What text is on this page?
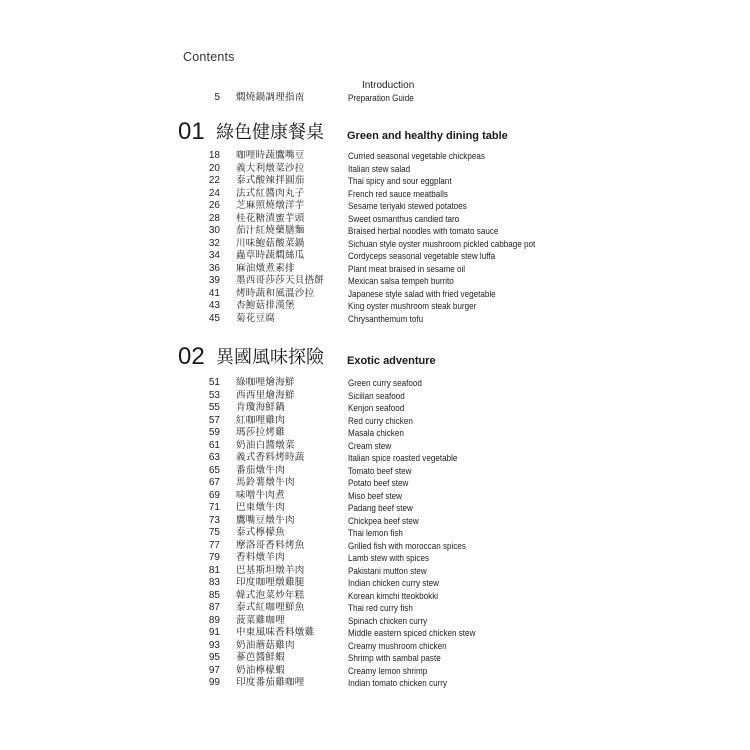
Contents
Introduction
5 燜燒鍋調理指南	Preparation Guide
01 綠色健康餐桌 Green and healthy dining table
18 咖哩時蔬鷹嘴豆	Curried seasonal vegetable chickpeas
20 義大利燉菜沙拉	Italian stew salad
22 泰式酸辣拌圓茄	Thai spicy and sour eggplant
24 法式紅醬肉丸子	French red sauce meatballs
26 芝麻照燒燉洋芋	Sesame teriyaki stewed potatoes
28 桂花糖漬蜜芋頭	Sweet osmanthus candied taro
30 茄汁紅燒藥膳麵	Braised herbal noodles with tomato sauce
32 川味鮑菇酸菜鍋	Sichuan style oyster mushroom pickled cabbage pot
34 蟲草時蔬燜絲瓜	Cordyceps seasonal vegetable stew luffa
36 麻油燉煮素排	Plant meat braised in sesame oil
39 墨西哥莎莎天貝搭餅	Mexican salsa tempeh burrito
41 烤時蔬和風溫沙拉	Japanese style salad with fried vegetable
43 杏鮑菇排漢堡	King oyster mushroom steak burger
45 菊花豆腐	Chrysanthemum tofu
02 異國風味探險 Exotic adventure
51 綠咖哩燴海鮮	Green curry seafood
53 西西里燴海鮮	Sicilian seafood
55 肯瓊海鮮鍋	Kenjon seafood
57 紅咖哩雞肉	Red curry chicken
59 瑪莎拉烤雞	Masala chicken
61 奶油白醬燉菜	Cream stew
63 義式香料烤時蔬	Italian spice roasted vegetable
65 番茄燉牛肉	Tomato beef stew
67 馬鈴薯燉牛肉	Potato beef stew
69 味噌牛肉煮	Miso beef stew
71 巴東燉牛肉	Padang beef stew
73 鷹嘴豆燉牛肉	Chickpea beef stew
75 泰式檸檬魚	Thai lemon fish
77 摩洛哥香料烤魚	Grilled fish with moroccan spices
79 香料燉羊肉	Lamb stew with spices
81 巴基斯坦燉羊肉	Pakistani mutton stew
83 印度咖哩燉雞腿	Indian chicken curry stew
85 韓式泡菜炒年糕	Korean kimchi tteokbokki
87 泰式紅咖哩鮮魚	Thai red curry fish
89 菠菜雞咖哩	Spinach chicken curry
91 中東風味香料燉雞	Middle eastern spiced chicken stew
93 奶油蘑菇雞肉	Creamy mushroom chicken
95 蔘芭醬鮮蝦	Shrimp with sambal paste
97 奶油檸檬蝦	Creamy lemon shrimp
99 印度番茄雞咖哩	Indian tomato chicken curry
